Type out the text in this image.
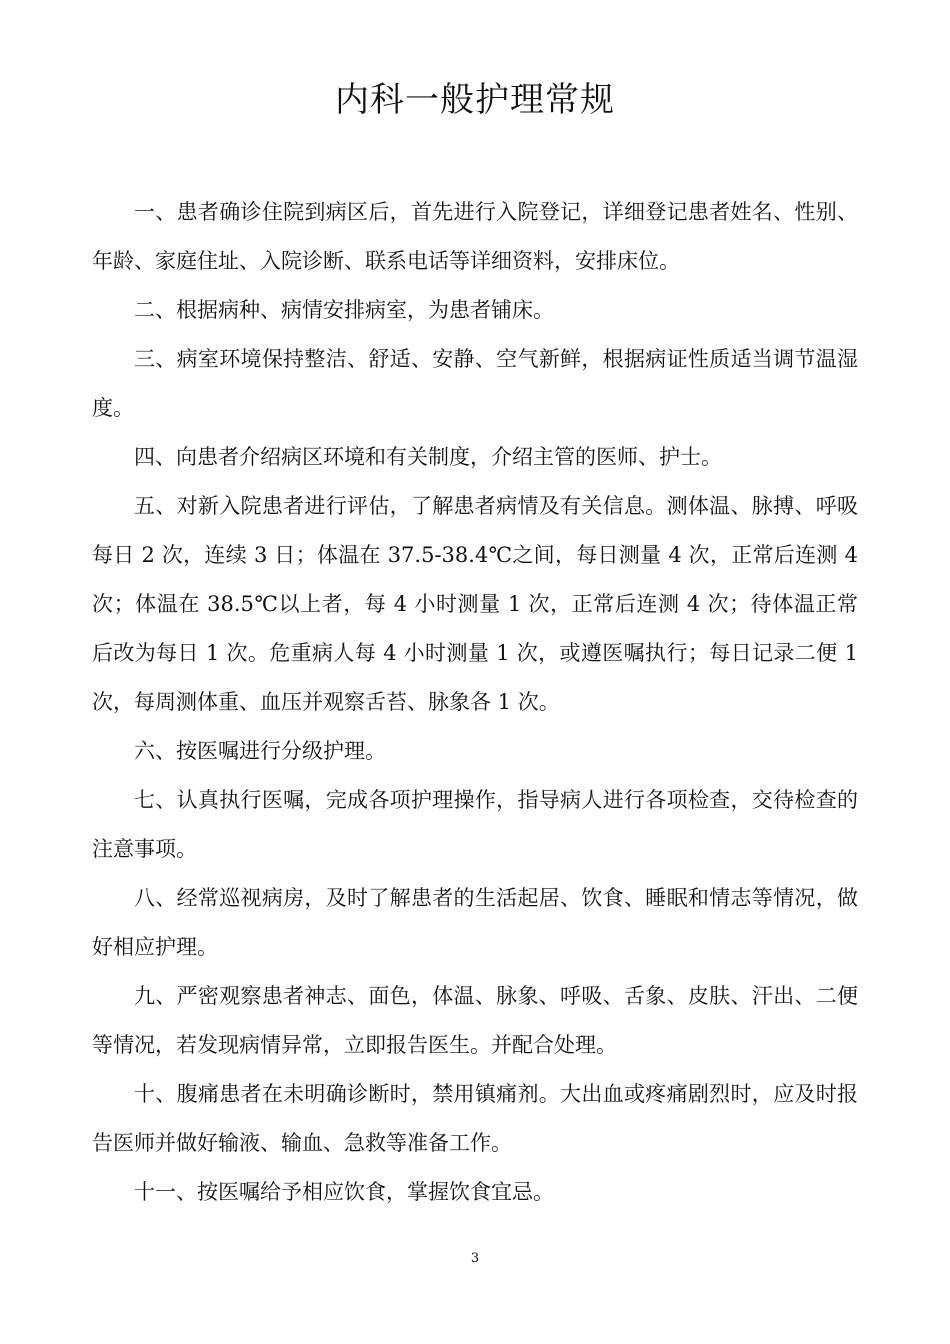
内科一般护理常规

一、患者确诊住院到病区后，首先进行入院登记，详细登记患者姓名、性别、年龄、家庭住址、入院诊断、联系电话等详细资料，安排床位。

二、根据病种、病情安排病室，为患者铺床。

三、病室环境保持整洁、舒适、安静、空气新鲜，根据病证性质适当调节温湿度。

四、向患者介绍病区环境和有关制度，介绍主管的医师、护士。

五、对新入院患者进行评估，了解患者病情及有关信息。测体温、脉搏、呼吸每日 2 次，连续 3 日；体温在 37.5-38.4℃之间，每日测量 4 次，正常后连测 4 次；体温在 38.5℃以上者，每 4 小时测量 1 次，正常后连测 4 次；待体温正常后改为每日 1 次。危重病人每 4 小时测量 1 次，或遵医嘱执行；每日记录二便 1 次，每周测体重、血压并观察舌苔、脉象各 1 次。

六、按医嘱进行分级护理。

七、认真执行医嘱，完成各项护理操作，指导病人进行各项检查，交待检查的注意事项。

八、经常巡视病房，及时了解患者的生活起居、饮食、睡眠和情志等情况，做好相应护理。

九、严密观察患者神志、面色，体温、脉象、呼吸、舌象、皮肤、汗出、二便等情况，若发现病情异常，立即报告医生。并配合处理。

十、腹痛患者在未明确诊断时，禁用镇痛剂。大出血或疼痛剧烈时，应及时报告医师并做好输液、输血、急救等准备工作。

十一、按医嘱给予相应饮食，掌握饮食宜忌。

3
